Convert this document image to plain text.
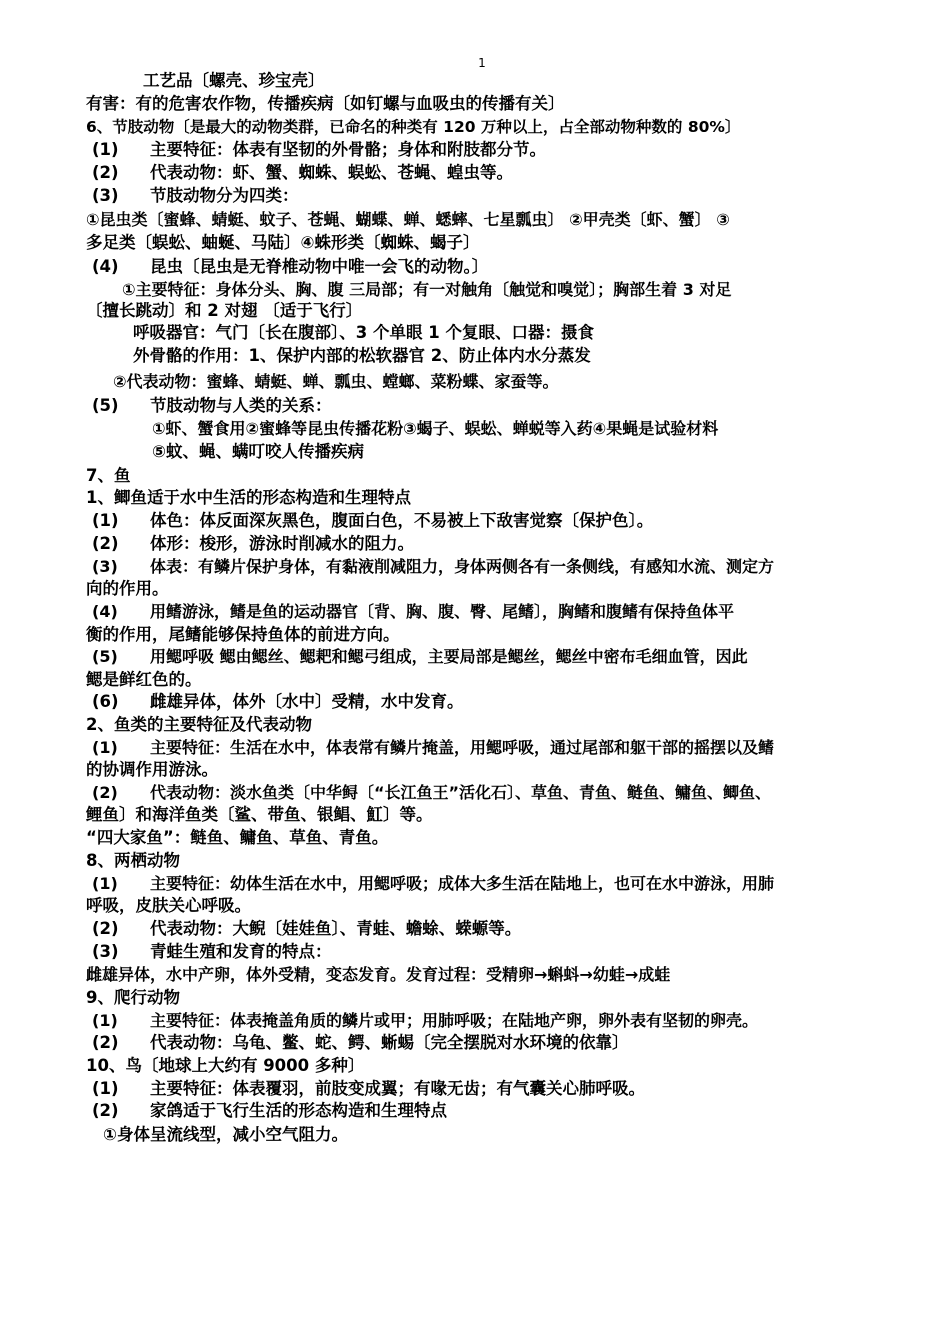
1
工艺品〔螺壳、珍宝壳〕
有害：有的危害农作物，传播疾病〔如钉螺与血吸虫的传播有关〕
6、节肢动物〔是最大的动物类群，已命名的种类有 120 万种以上，占全部动物种数的 80%〕
(1) 主要特征：体表有坚韧的外骨骼；身体和附肢都分节。
(2) 代表动物：虾、蟹、蜘蛛、蜈蚣、苍蝇、蝗虫等。
(3) 节肢动物分为四类：
①昆虫类〔蜜蜂、蜻蜓、蚊子、苍蝇、蝴蝶、蝉、蟋蟀、七星瓢虫〕 ②甲壳类〔虾、蟹〕 ③
多足类〔蜈蚣、蚰蜒、马陆〕④蛛形类〔蜘蛛、蝎子〕
(4) 昆虫〔昆虫是无脊椎动物中唯一会飞的动物。〕
①主要特征：身体分头、胸、腹 三局部；有一对触角〔触觉和嗅觉〕；胸部生着 3 对足
〔擅长跳动〕和 2 对翅 〔适于飞行〕
呼吸器官：气门〔长在腹部〕、3 个单眼 1 个复眼、口器：摄食
外骨骼的作用：1、保护内部的松软器官 2、防止体内水分蒸发
②代表动物：蜜蜂、蜻蜓、蝉、瓢虫、螳螂、菜粉蝶、家蚕等。
(5) 节肢动物与人类的关系：
①虾、蟹食用②蜜蜂等昆虫传播花粉③蝎子、蜈蚣、蝉蜕等入药④果蝇是试验材料
⑤蚊、蝇、螨叮咬人传播疾病
7、鱼
1、鲫鱼适于水中生活的形态构造和生理特点
(1) 体色：体反面深灰黑色，腹面白色，不易被上下敌害觉察〔保护色〕。
(2) 体形：梭形，游泳时削减水的阻力。
(3) 体表：有鳞片保护身体，有黏液削减阻力，身体两侧各有一条侧线，有感知水流、测定方
向的作用。
(4) 用鳍游泳，鳍是鱼的运动器官〔背、胸、腹、臀、尾鳍〕，胸鳍和腹鳍有保持鱼体平
衡的作用，尾鳍能够保持鱼体的前进方向。
(5) 用鳃呼吸 鳃由鳃丝、鳃耙和鳃弓组成，主要局部是鳃丝，鳃丝中密布毛细血管，因此
鳃是鲜红色的。
(6) 雌雄异体，体外〔水中〕受精，水中发育。
2、鱼类的主要特征及代表动物
(1) 主要特征：生活在水中，体表常有鳞片掩盖，用鳃呼吸，通过尾部和躯干部的摇摆以及鳍
的协调作用游泳。
(2) 代表动物：淡水鱼类〔中华鲟〔“长江鱼王”活化石〕、草鱼、青鱼、鲢鱼、鳙鱼、鲫鱼、
鲤鱼〕和海洋鱼类〔鲨、带鱼、银鲳、魟〕等。
“四大家鱼”：鲢鱼、鳙鱼、草鱼、青鱼。
8、两栖动物
(1) 主要特征：幼体生活在水中，用鳃呼吸；成体大多生活在陆地上，也可在水中游泳，用肺
呼吸，皮肤关心呼吸。
(2) 代表动物：大鲵〔娃娃鱼〕、青蛙、蟾蜍、蝾螈等。
(3) 青蛙生殖和发育的特点：
雌雄异体，水中产卵，体外受精，变态发育。发育过程：受精卵→蝌蚪→幼蛙→成蛙
9、爬行动物
(1) 主要特征：体表掩盖角质的鳞片或甲；用肺呼吸；在陆地产卵，卵外表有坚韧的卵壳。
(2) 代表动物：乌龟、鳖、蛇、鳄、蜥蜴〔完全摆脱对水环境的依靠〕
10、鸟〔地球上大约有 9000 多种〕
(1) 主要特征：体表覆羽，前肢变成翼；有喙无齿；有气囊关心肺呼吸。
(2) 家鸽适于飞行生活的形态构造和生理特点
①身体呈流线型，减小空气阻力。
